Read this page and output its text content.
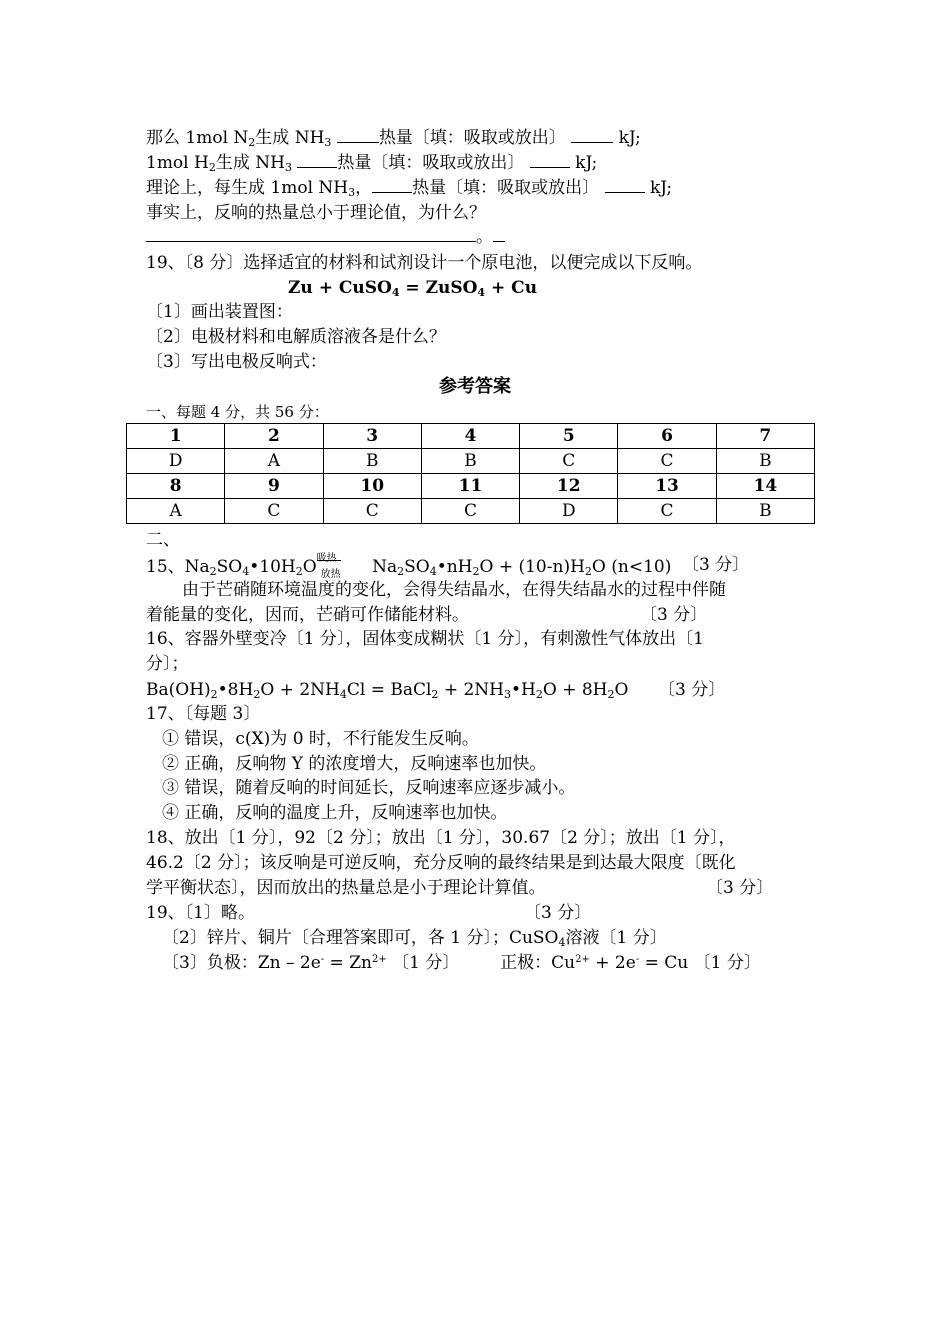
那么 1mol $N_2$生成 $NH_3$	热量〔填：吸取或放出〕	kJ;
1mol $H_2$生成 $NH_3$	热量〔填：吸取或放出〕	kJ;
理论上，每生成 1mol $NH_3$， 热量〔填：吸取或放出〕	kJ;
事实上，反响的热量总小于理论值，为什么？
。
19、〔8 分〕选择适宜的材料和试剂设计一个原电池，以便完成以下反响。
Zu + CuSO$_4$ = ZuSO$_4$ + Cu
〔1〕画出装置图：
〔2〕电极材料和电解质溶液各是什么？
〔3〕写出电极反响式：
参考答案
一、每题 4 分，共 56 分：
1	2	3	4	5	6	7
D	A	B	B	C	C	B
8	9	10	11	12	13	14
A	C	C	C	D	C	B
二、
15、$Na_2SO_4•10H_2O$ 吸热
放热 $Na_2SO_4•nH_2O + (10-n)H_2O$ (n<10) 〔3 分〕
由于芒硝随环境温度的变化，会得失结晶水，在得失结晶水的过程中伴随
着能量的变化，因而，芒硝可作储能材料。	〔3 分〕
16、容器外壁变冷〔1 分〕，固体变成糊状〔1 分〕，有刺激性气体放出〔1
分〕；
$Ba(OH)_2•8H_2O + 2NH_4Cl$ = BaCl$_2$ + $2NH_3•H_2O + 8H_2O$ 〔3 分〕
17、〔每题 3〕
① 错误，c(X)为 0 时，不行能发生反响。
② 正确，反响物 Y 的浓度增大，反响速率也加快。
③ 错误，随着反响的时间延长，反响速率应逐步减小。
④ 正确，反响的温度上升，反响速率也加快。
18、放出〔1 分〕，92〔2 分〕；放出〔1 分〕，30.67〔2 分〕；放出〔1 分〕，
46.2〔2 分〕；该反响是可逆反响，充分反响的最终结果是到达最大限度〔既化
学平衡状态〕，因而放出的热量总是小于理论计算值。	〔3 分〕
19、〔1〕略。	〔3 分〕
〔2〕锌片、铜片〔合理答案即可，各 1 分〕；CuSO$_4$溶液〔1 分〕
〔3〕负极：$Zn - 2e^- = Zn^{2+}$ 〔1 分〕 正极：$Cu^{2+} + 2e^- = Cu$ 〔1 分〕
